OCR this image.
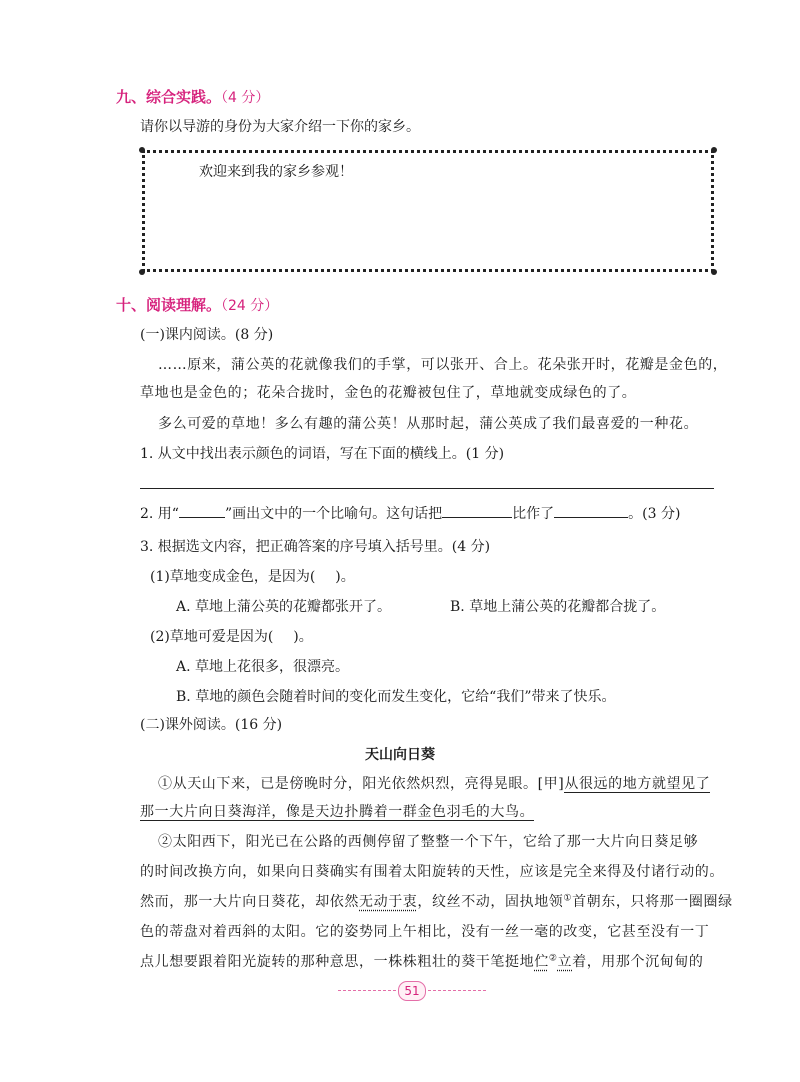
九、综合实践。（4 分）
请你以导游的身份为大家介绍一下你的家乡。
欢迎来到我的家乡参观！
十、阅读理解。（24 分）
(一)课内阅读。(8 分)
……原来，蒲公英的花就像我们的手掌，可以张开、合上。花朵张开时，花瓣是金色的，
草地也是金色的；花朵合拢时，金色的花瓣被包住了，草地就变成绿色的了。
多么可爱的草地！多么有趣的蒲公英！从那时起，蒲公英成了我们最喜爱的一种花。
1. 从文中找出表示颜色的词语，写在下面的横线上。(1 分)
2. 用“	”画出文中的一个比喻句。这句话把	比作了	。(3 分)
3. 根据选文内容，把正确答案的序号填入括号里。(4 分)
(1)草地变成金色，是因为( )。
A. 草地上蒲公英的花瓣都张开了。	B. 草地上蒲公英的花瓣都合拢了。
(2)草地可爱是因为( )。
A. 草地上花很多，很漂亮。
B. 草地的颜色会随着时间的变化而发生变化，它给“我们”带来了快乐。
(二)课外阅读。(16 分)
天山向日葵
①从天山下来，已是傍晚时分，阳光依然炽烈，亮得晃眼。[甲]从很远的地方就望见了
那一大片向日葵海洋，像是天边扑腾着一群金色羽毛的大鸟。
②太阳西下，阳光已在公路的西侧停留了整整一个下午，它给了那一大片向日葵足够
的时间改换方向，如果向日葵确实有围着太阳旋转的天性，应该是完全来得及付诸行动的。
然而，那一大片向日葵花，却依然无动于衷，纹丝不动，固执地领①首朝东，只将那一圈圈绿
色的蒂盘对着西斜的太阳。它的姿势同上午相比，没有一丝一毫的改变，它甚至没有一丁
点儿想要跟着阳光旋转的那种意思，一株株粗壮的葵干笔挺地伫②立着，用那个沉甸甸的
51
